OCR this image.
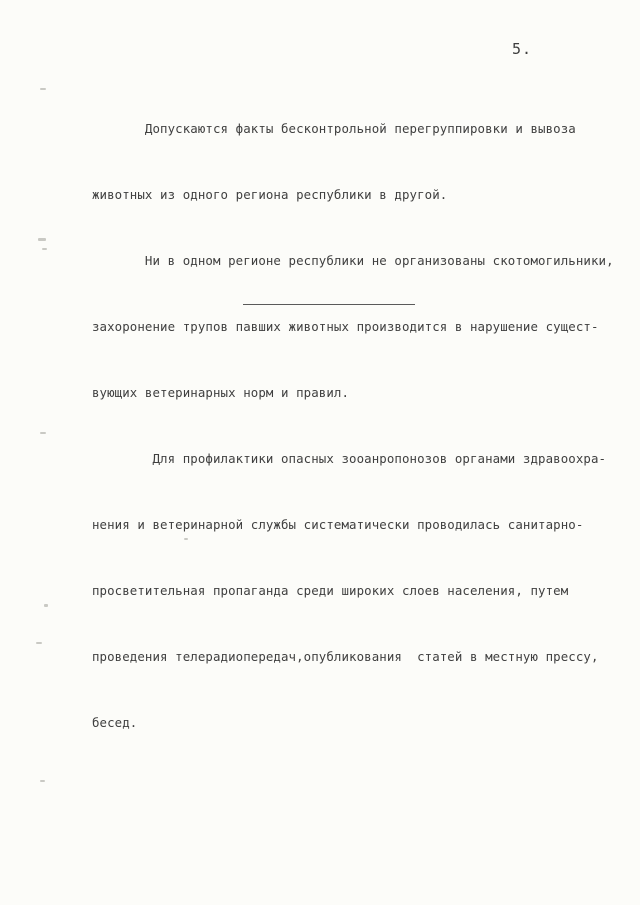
5.

Допускаются факты бесконтрольной перегруппировки и вывоза

животных из одного региона республики в другой.

Ни в одном регионе республики не организованы скотомогильники,

захоронение трупов павших животных производится в нарушение сущест-

вующих ветеринарных норм и правил.

Для профилактики опасных зооанропонозов органами здравоохра-

нения и ветеринарной службы систематически проводилась санитарно-

просветительная пропаганда среди широких слоев населения, путем

проведения телерадиопередач,опубликования  статей в местную прессу,

бесед.
